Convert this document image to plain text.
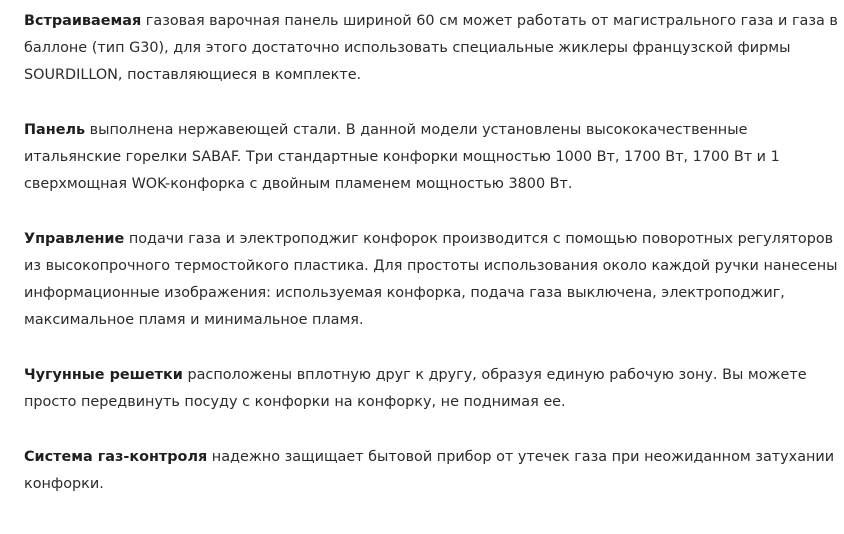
Встраиваемая газовая варочная панель шириной 60 см может работать от магистрального газа и газа в баллоне (тип G30), для этого достаточно использовать специальные жиклеры французской фирмы SOURDILLON, поставляющиеся в комплекте.

Панель выполнена нержавеющей стали. В данной модели установлены высококачественные итальянские горелки SABAF. Три стандартные конфорки мощностью 1000 Вт, 1700 Вт, 1700 Вт и 1 сверхмощная WOK-конфорка с двойным пламенем мощностью 3800 Вт.

Управление подачи газа и электроподжиг конфорок производится с помощью поворотных регуляторов из высокопрочного термостойкого пластика. Для простоты использования около каждой ручки нанесены информационные изображения: используемая конфорка, подача газа выключена, электроподжиг, максимальное пламя и минимальное пламя.

Чугунные решетки расположены вплотную друг к другу, образуя единую рабочую зону. Вы можете просто передвинуть посуду с конфорки на конфорку, не поднимая ее.

Система газ-контроля надежно защищает бытовой прибор от утечек газа при неожиданном затухании конфорки.
